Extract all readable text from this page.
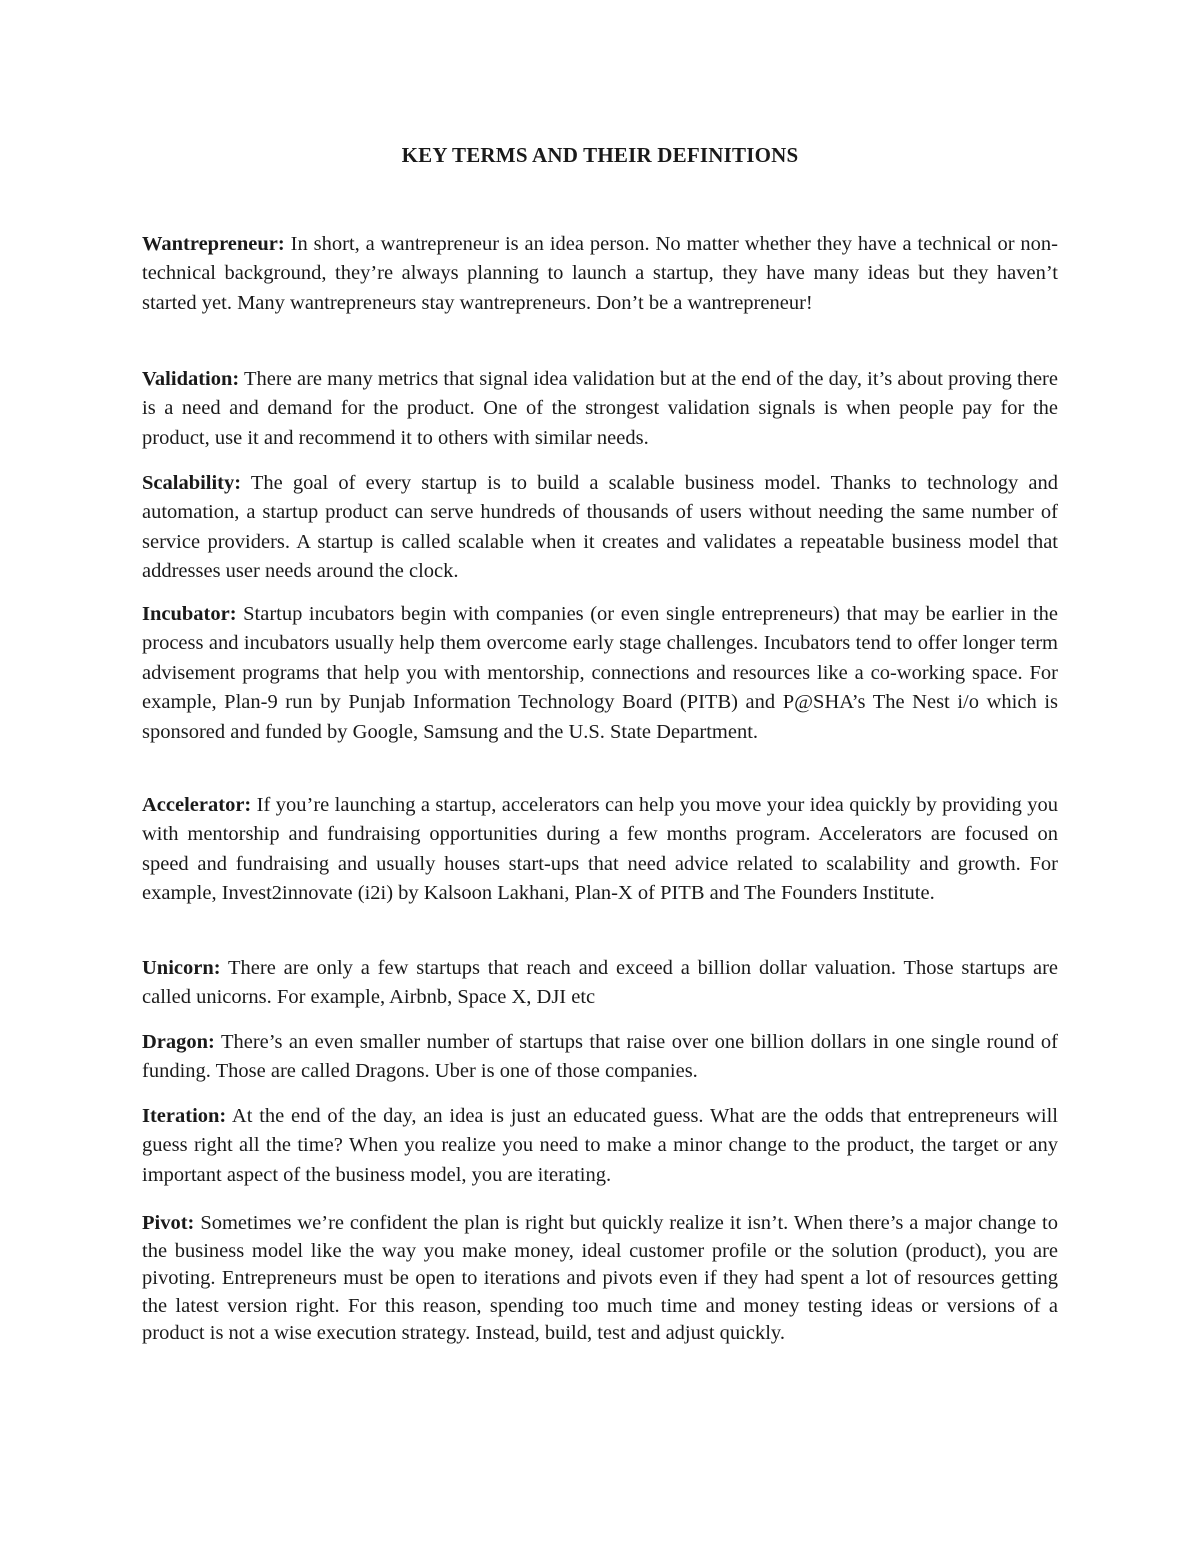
KEY TERMS AND THEIR DEFINITIONS

Wantrepreneur: In short, a wantrepreneur is an idea person. No matter whether they have a technical or non-technical background, they’re always planning to launch a startup, they have many ideas but they haven’t started yet. Many wantrepreneurs stay wantrepreneurs. Don’t be a wantrepreneur!

Validation: There are many metrics that signal idea validation but at the end of the day, it’s about proving there is a need and demand for the product. One of the strongest validation signals is when people pay for the product, use it and recommend it to others with similar needs.

Scalability: The goal of every startup is to build a scalable business model. Thanks to technology and automation, a startup product can serve hundreds of thousands of users without needing the same number of service providers. A startup is called scalable when it creates and validates a repeatable business model that addresses user needs around the clock.

Incubator: Startup incubators begin with companies (or even single entrepreneurs) that may be earlier in the process and incubators usually help them overcome early stage challenges. Incubators tend to offer longer term advisement programs that help you with mentorship, connections and resources like a co-working space. For example, Plan-9 run by Punjab Information Technology Board (PITB) and P@SHA’s The Nest i/o which is sponsored and funded by Google, Samsung and the U.S. State Department.

Accelerator: If you’re launching a startup, accelerators can help you move your idea quickly by providing you with mentorship and fundraising opportunities during a few months program. Accelerators are focused on speed and fundraising and usually houses start-ups that need advice related to scalability and growth. For example, Invest2innovate (i2i) by Kalsoon Lakhani, Plan-X of PITB and The Founders Institute.

Unicorn: There are only a few startups that reach and exceed a billion dollar valuation. Those startups are called unicorns. For example, Airbnb, Space X, DJI etc

Dragon: There’s an even smaller number of startups that raise over one billion dollars in one single round of funding. Those are called Dragons. Uber is one of those companies.

Iteration: At the end of the day, an idea is just an educated guess. What are the odds that entrepreneurs will guess right all the time? When you realize you need to make a minor change to the product, the target or any important aspect of the business model, you are iterating.

Pivot: Sometimes we’re confident the plan is right but quickly realize it isn’t. When there’s a major change to the business model like the way you make money, ideal customer profile or the solution (product), you are pivoting. Entrepreneurs must be open to iterations and pivots even if they had spent a lot of resources getting the latest version right. For this reason, spending too much time and money testing ideas or versions of a product is not a wise execution strategy. Instead, build, test and adjust quickly.
